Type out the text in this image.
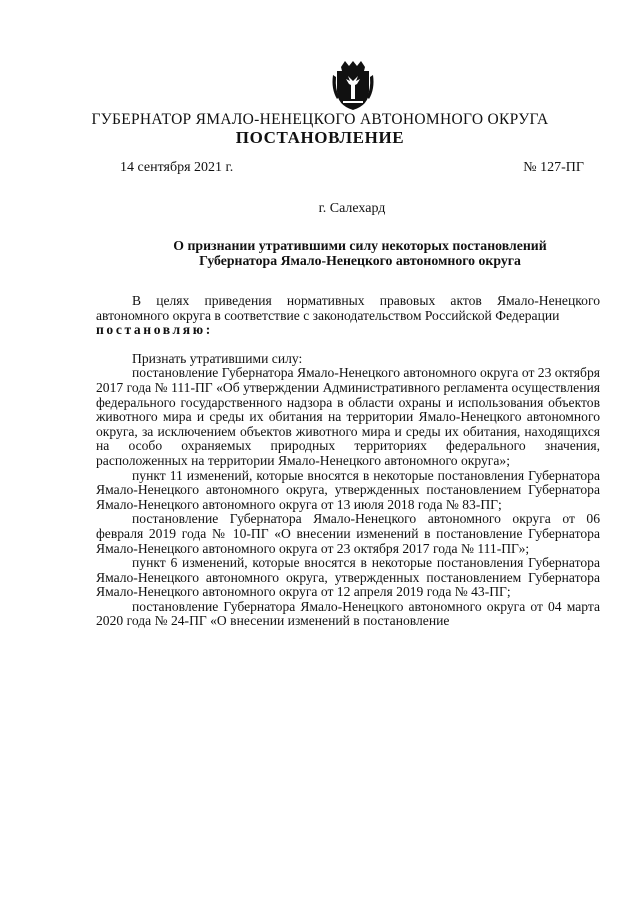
ГУБЕРНАТОР ЯМАЛО-НЕНЕЦКОГО АВТОНОМНОГО ОКРУГА
ПОСТАНОВЛЕНИЕ
14 сентября 2021 г.	№ 127-ПГ
г. Салехард
О признании утратившими силу некоторых постановлений
Губернатора Ямало-Ненецкого автономного округа

В целях приведения нормативных правовых актов Ямало-Ненецкого автономного округа в соответствие с законодательством Российской Федерации

постановляю:

Признать утратившими силу:

постановление Губернатора Ямало-Ненецкого автономного округа от 23 октября 2017 года № 111-ПГ «Об утверждении Административного регламента осуществления федерального государственного надзора в области охраны и использования объектов животного мира и среды их обитания на территории Ямало-Ненецкого автономного округа, за исключением объектов животного мира и среды их обитания, находящихся на особо охраняемых природных территориях федерального значения, расположенных на территории Ямало-Ненецкого автономного округа»;

пункт 11 изменений, которые вносятся в некоторые постановления Губернатора Ямало-Ненецкого автономного округа, утвержденных постановлением Губернатора Ямало-Ненецкого автономного округа от 13 июля 2018 года № 83-ПГ;

постановление Губернатора Ямало-Ненецкого автономного округа от 06 февраля 2019 года № 10-ПГ «О внесении изменений в постановление Губернатора Ямало-Ненецкого автономного округа от 23 октября 2017 года № 111-ПГ»;

пункт 6 изменений, которые вносятся в некоторые постановления Губернатора Ямало-Ненецкого автономного округа, утвержденных постановлением Губернатора Ямало-Ненецкого автономного округа от 12 апреля 2019 года № 43-ПГ;

постановление Губернатора Ямало-Ненецкого автономного округа от 04 марта 2020 года № 24-ПГ «О внесении изменений в постановление
